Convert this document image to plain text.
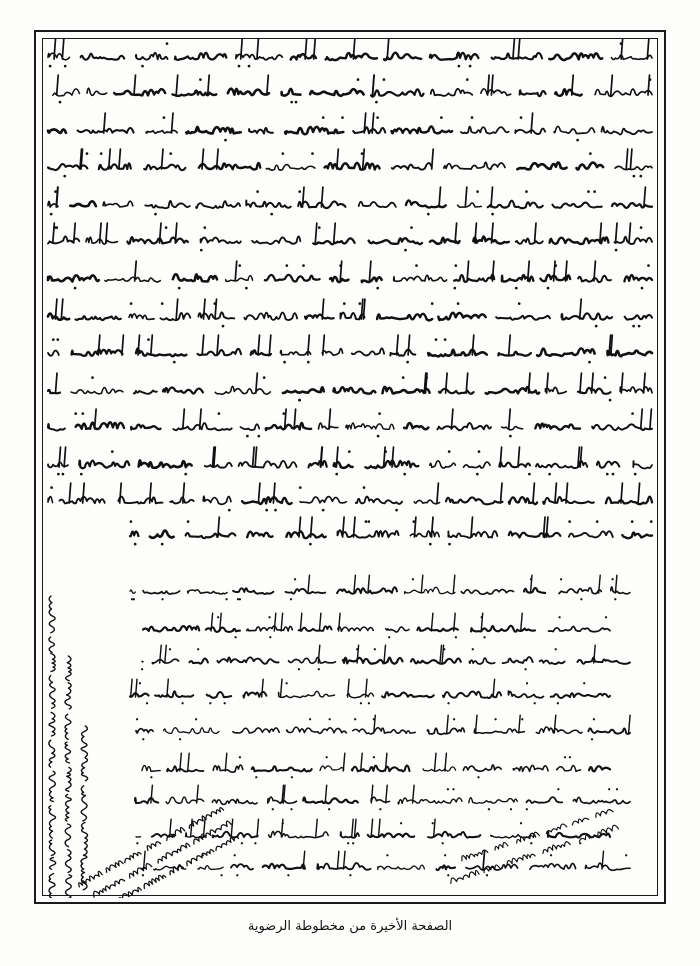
الصفحة الأخيرة من مخطوطة الرضوية
